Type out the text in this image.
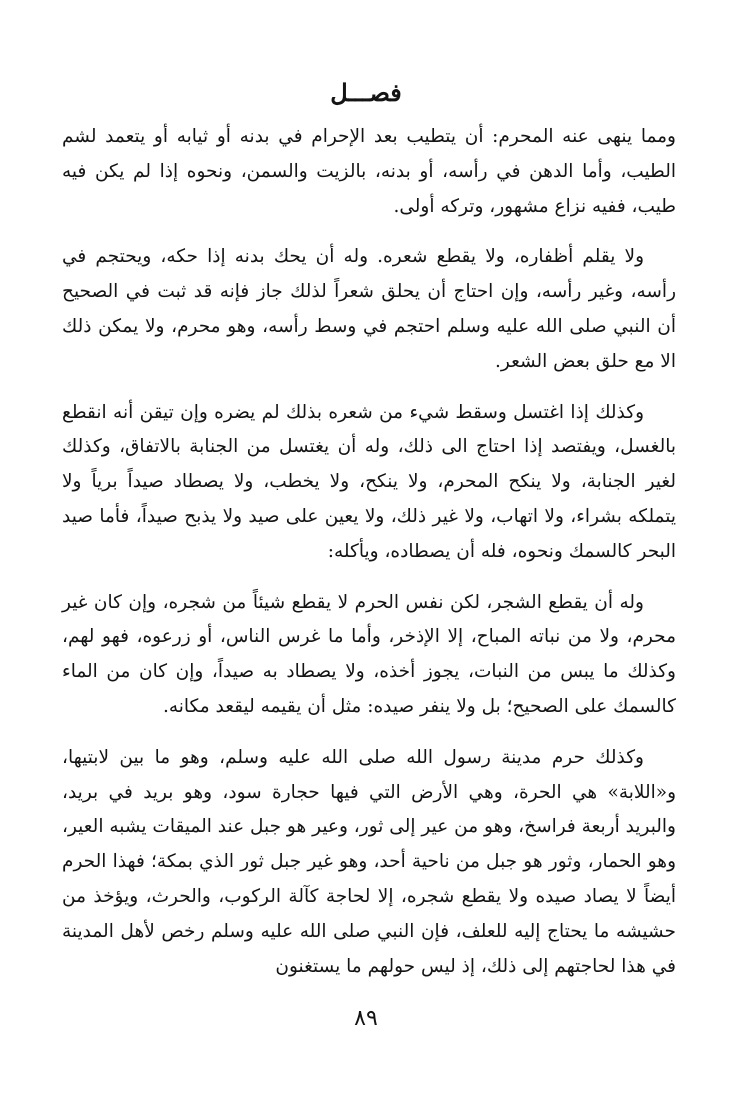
فصـــل

ومما ينهى عنه المحرم: أن يتطيب بعد الإحرام في بدنه أو ثيابه أو يتعمد لشم الطيب، وأما الدهن في رأسه، أو بدنه، بالزيت والسمن، ونحوه إذا لم يكن فيه طيب، ففيه نزاع مشهور، وتركه أولى.

ولا يقلم أظفاره، ولا يقطع شعره. وله أن يحك بدنه إذا حكه، ويحتجم في رأسه، وغير رأسه، وإن احتاج أن يحلق شعراً لذلك جاز فإنه قد ثبت في الصحيح أن النبي صلى الله عليه وسلم احتجم في وسط رأسه، وهو محرم، ولا يمكن ذلك الا مع حلق بعض الشعر.

وكذلك إذا اغتسل وسقط شيء من شعره بذلك لم يضره وإن تيقن أنه انقطع بالغسل، ويفتصد إذا احتاج الى ذلك، وله أن يغتسل من الجنابة بالاتفاق، وكذلك لغير الجنابة، ولا ينكح المحرم، ولا ينكح، ولا يخطب، ولا يصطاد صيداً برياً ولا يتملكه بشراء، ولا اتهاب، ولا غير ذلك، ولا يعين على صيد ولا يذبح صيداً، فأما صيد البحر كالسمك ونحوه، فله أن يصطاده، ويأكله:

وله أن يقطع الشجر، لكن نفس الحرم لا يقطع شيئاً من شجره، وإن كان غير محرم، ولا من نباته المباح، إلا الإذخر، وأما ما غرس الناس، أو زرعوه، فهو لهم، وكذلك ما يبس من النبات، يجوز أخذه، ولا يصطاد به صيداً، وإن كان من الماء كالسمك على الصحيح؛ بل ولا ينفر صيده: مثل أن يقيمه ليقعد مكانه.

وكذلك حرم مدينة رسول الله صلى الله عليه وسلم، وهو ما بين لابتيها، و«اللابة» هي الحرة، وهي الأرض التي فيها حجارة سود، وهو بريد في بريد، والبريد أربعة فراسخ، وهو من عير إلى ثور، وعير هو جبل عند الميقات يشبه العير، وهو الحمار، وثور هو جبل من ناحية أحد، وهو غير جبل ثور الذي بمكة؛ فهذا الحرم أيضاً لا يصاد صيده ولا يقطع شجره، إلا لحاجة كآلة الركوب، والحرث، ويؤخذ من حشيشه ما يحتاج إليه للعلف، فإن النبي صلى الله عليه وسلم رخص لأهل المدينة في هذا لحاجتهم إلى ذلك، إذ ليس حولهم ما يستغنون

٨٩
